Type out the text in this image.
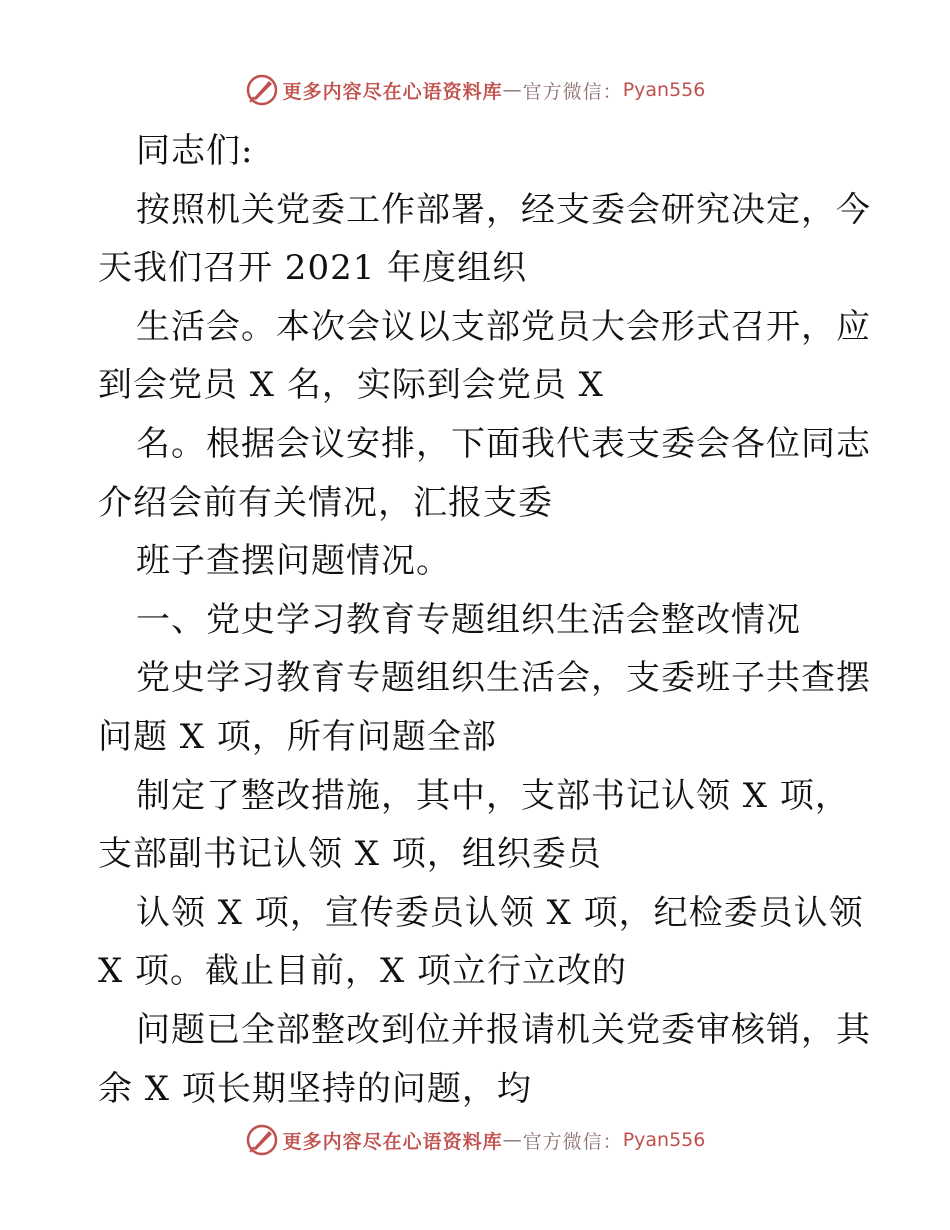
更多内容尽在心语资料库 — 官方微信： Pyan556
同志们:
按照机关党委工作部署，经支委会研究决定，今
天我们召开 2021 年度组织
生活会。本次会议以支部党员大会形式召开，应
到会党员 X 名，实际到会党员 X
名。根据会议安排，下面我代表支委会各位同志
介绍会前有关情况，汇报支委
班子查摆问题情况。
一、党史学习教育专题组织生活会整改情况
党史学习教育专题组织生活会，支委班子共查摆
问题 X 项，所有问题全部
制定了整改措施，其中，支部书记认领 X 项，
支部副书记认领 X 项，组织委员
认领 X 项，宣传委员认领 X 项，纪检委员认领
X 项。截止目前，X 项立行立改的
问题已全部整改到位并报请机关党委审核销，其
余 X 项长期坚持的问题，均
更多内容尽在心语资料库 — 官方微信： Pyan556
